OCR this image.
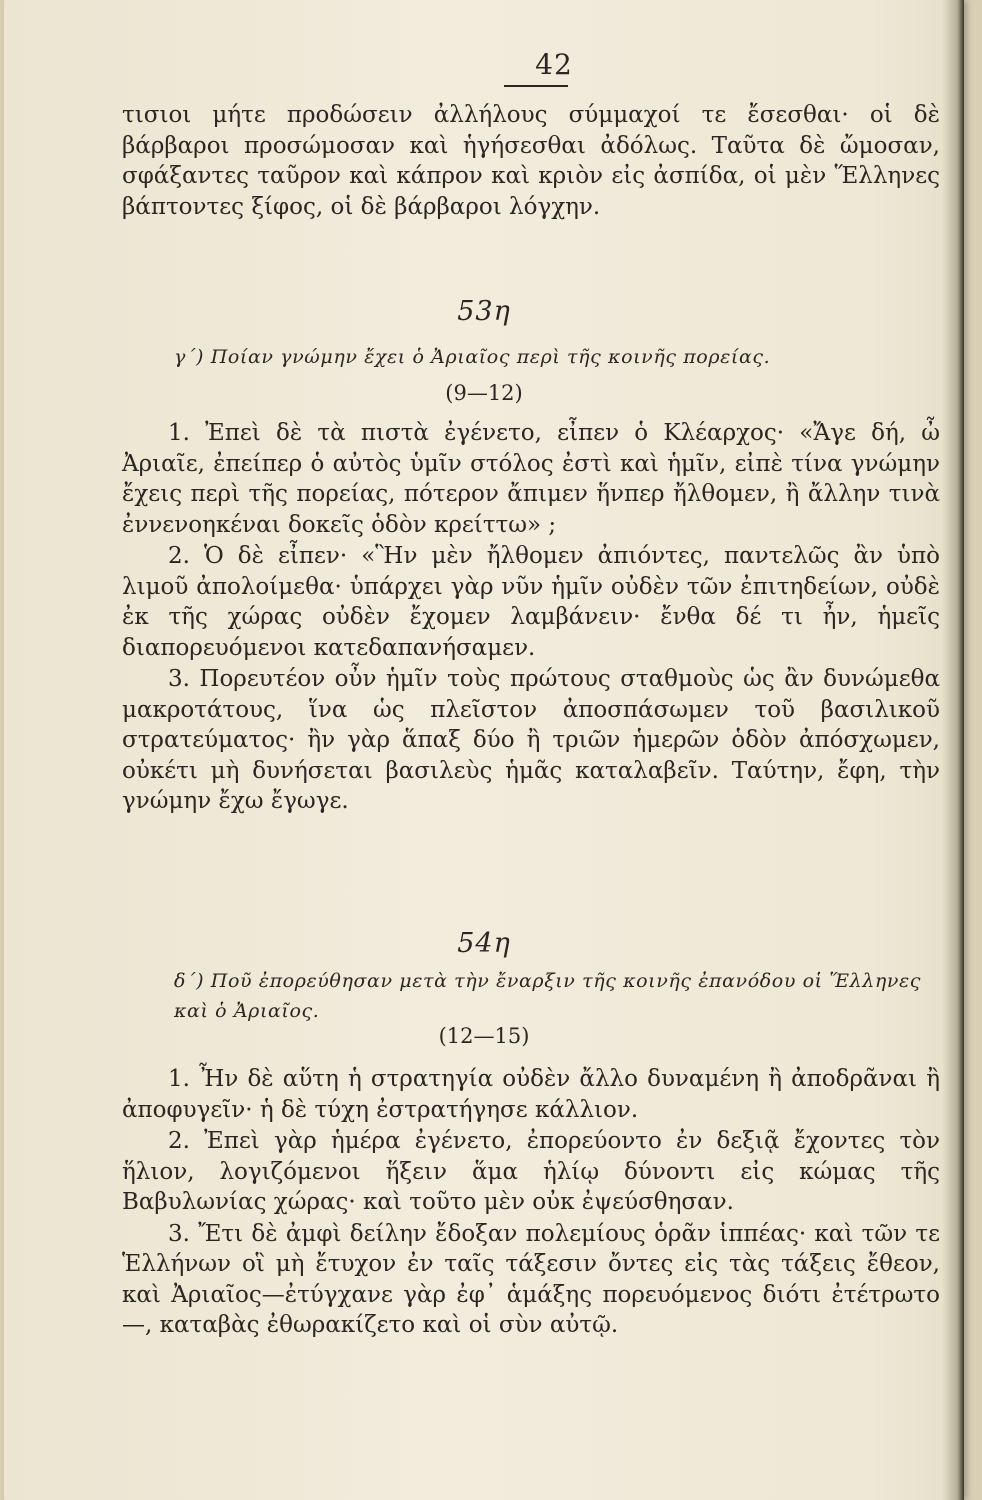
42

τισιοι μήτε προδώσειν ἀλλήλους σύμμαχοί τε ἔσεσθαι· οἱ δὲ βάρβαροι προσώμοσαν καὶ ἡγήσεσθαι ἀδόλως. Ταῦτα δὲ ὤμοσαν, σφάξαντες ταῦρον καὶ κάπρον καὶ κριὸν εἰς ἀσπίδα, οἱ μὲν Ἕλληνες βάπτοντες ξίφος, οἱ δὲ βάρβαροι λόγχην.

53η
γ΄) Ποίαν γνώμην ἔχει ὁ Ἀριαῖος περὶ τῆς κοινῆς πορείας.
(9—12)

1. Ἐπεὶ δὲ τὰ πιστὰ ἐγένετο, εἶπεν ὁ Κλέαρχος· «Ἄγε δή, ὦ Ἀριαῖε, ἐπείπερ ὁ αὐτὸς ὑμῖν στόλος ἐστὶ καὶ ἡμῖν, εἰπὲ τίνα γνώμην ἔχεις περὶ τῆς πορείας, πότερον ἄπιμεν ἥνπερ ἤλθομεν, ἢ ἄλλην τινὰ ἐννενοηκέναι δοκεῖς ὁδὸν κρείττω» ;

2. Ὁ δὲ εἶπεν· «Ἣν μὲν ἤλθομεν ἀπιόντες, παντελῶς ἂν ὑπὸ λιμοῦ ἀπολοίμεθα· ὑπάρχει γὰρ νῦν ἡμῖν οὐδὲν τῶν ἐπιτηδείων, οὐδὲ ἐκ τῆς χώρας οὐδὲν ἔχομεν λαμβάνειν· ἔνθα δέ τι ἦν, ἡμεῖς διαπορευόμενοι κατεδαπανήσαμεν.

3. Πορευτέον οὖν ἡμῖν τοὺς πρώτους σταθμοὺς ὡς ἂν δυνώμεθα μακροτάτους, ἵνα ὡς πλεῖστον ἀποσπάσωμεν τοῦ βασιλικοῦ στρατεύματος· ἢν γὰρ ἅπαξ δύο ἢ τριῶν ἡμερῶν ὁδὸν ἀπόσχωμεν, οὐκέτι μὴ δυνήσεται βασιλεὺς ἡμᾶς καταλαβεῖν. Ταύτην, ἔφη, τὴν γνώμην ἔχω ἔγωγε.

54η
δ΄) Ποῦ ἐπορεύθησαν μετὰ τὴν ἔναρξιν τῆς κοινῆς ἐπανόδου οἱ Ἕλληνες καὶ ὁ Ἀριαῖος.
(12—15)

1. Ἦν δὲ αὕτη ἡ στρατηγία οὐδὲν ἄλλο δυναμένη ἢ ἀποδρᾶναι ἢ ἀποφυγεῖν· ἡ δὲ τύχη ἐστρατήγησε κάλλιον.

2. Ἐπεὶ γὰρ ἡμέρα ἐγένετο, ἐπορεύοντο ἐν δεξιᾷ ἔχοντες τὸν ἥλιον, λογιζόμενοι ἥξειν ἅμα ἡλίῳ δύνοντι εἰς κώμας τῆς Βαβυλωνίας χώρας· καὶ τοῦτο μὲν οὐκ ἐψεύσθησαν.

3. Ἔτι δὲ ἀμφὶ δείλην ἔδοξαν πολεμίους ὁρᾶν ἱππέας· καὶ τῶν τε Ἑλλήνων οἳ μὴ ἔτυχον ἐν ταῖς τάξεσιν ὄντες εἰς τὰς τάξεις ἔθεον, καὶ Ἀριαῖος—ἐτύγχανε γὰρ ἐφ᾽ ἁμάξης πορευόμενος διότι ἐτέτρωτο—, καταβὰς ἐθωρακίζετο καὶ οἱ σὺν αὐτῷ.
